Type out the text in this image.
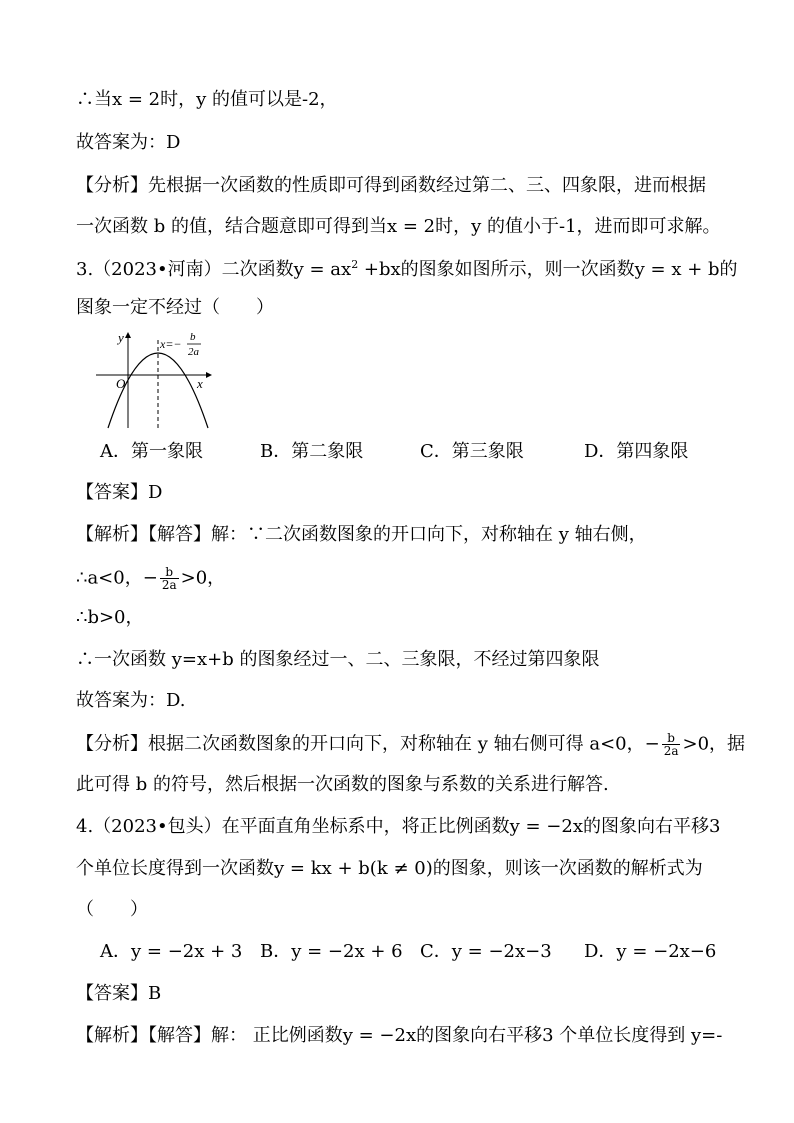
∴当x = 2时，y 的值可以是-2，
故答案为：D
【分析】先根据一次函数的性质即可得到函数经过第二、三、四象限，进而根据
一次函数 b 的值，结合题意即可得到当x = 2时，y 的值小于-1，进而即可求解。
3.（2023•河南）二次函数$y = ax^2 +bx$的图象如图所示，则一次函数y = x + b的
图象一定不经过（　　）
y
x
O
x=− b
2a
A．第一象限	B．第二象限	C．第三象限	D．第四象限
【答案】D
【解析】【解答】解：∵二次函数图象的开口向下，对称轴在 y 轴右侧，
∴a<0，− $\frac{b}{2a} >0$，
∴b>0，
∴一次函数 y=x+b 的图象经过一、二、三象限，不经过第四象限
故答案为：D.
【分析】根据二次函数图象的开口向下，对称轴在 y 轴右侧可得 a<0，− $\frac{b}{2a} >0$，据
此可得 b 的符号，然后根据一次函数的图象与系数的关系进行解答.
4.（2023•包头）在平面直角坐标系中，将正比例函数y = −2x的图象向右平移3
个单位长度得到一次函数y = kx + b(k ≠ 0)的图象，则该一次函数的解析式为
（　　）
A．y = −2x + 3 B．y = −2x + 6 C．y = −2x−3 D．y = −2x−6
【答案】B
【解析】【解答】解： 正比例函数y = −2x的图象向右平移3 个单位长度得到 y=-
